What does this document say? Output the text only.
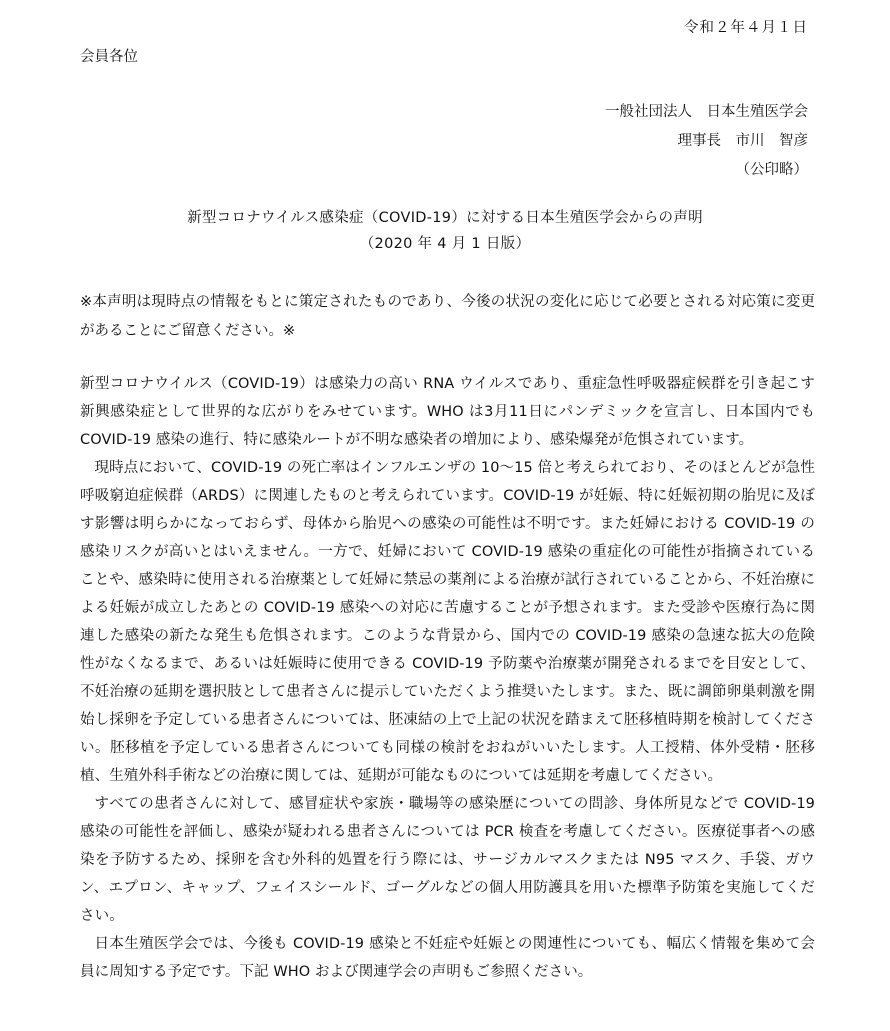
令和２年４月１日
会員各位
一般社団法人　日本生殖医学会
理事長　市川　智彦
（公印略）
新型コロナウイルス感染症（COVID-19）に対する日本生殖医学会からの声明
（2020 年 4 月 1 日版）
※本声明は現時点の情報をもとに策定されたものであり、今後の状況の変化に応じて必要とされる対応策に変更があることにご留意ください。※

新型コロナウイルス（COVID-19）は感染力の高い RNA ウイルスであり、重症急性呼吸器症候群を引き起こす新興感染症として世界的な広がりをみせています。WHO は3月11日にパンデミックを宣言し、日本国内でも COVID-19 感染の進行、特に感染ルートが不明な感染者の増加により、感染爆発が危惧されています。

現時点において、COVID-19 の死亡率はインフルエンザの 10～15 倍と考えられており、そのほとんどが急性呼吸窮迫症候群（ARDS）に関連したものと考えられています。COVID-19 が妊娠、特に妊娠初期の胎児に及ぼす影響は明らかになっておらず、母体から胎児への感染の可能性は不明です。また妊婦における COVID-19 の感染リスクが高いとはいえません。一方で、妊婦において COVID-19 感染の重症化の可能性が指摘されていることや、感染時に使用される治療薬として妊婦に禁忌の薬剤による治療が試行されていることから、不妊治療による妊娠が成立したあとの COVID-19 感染への対応に苦慮することが予想されます。また受診や医療行為に関連した感染の新たな発生も危惧されます。このような背景から、国内での COVID-19 感染の急速な拡大の危険性がなくなるまで、あるいは妊娠時に使用できる COVID-19 予防薬や治療薬が開発されるまでを目安として、不妊治療の延期を選択肢として患者さんに提示していただくよう推奨いたします。また、既に調節卵巣刺激を開始し採卵を予定している患者さんについては、胚凍結の上で上記の状況を踏まえて胚移植時期を検討してください。胚移植を予定している患者さんについても同様の検討をおねがいいたします。人工授精、体外受精・胚移植、生殖外科手術などの治療に関しては、延期が可能なものについては延期を考慮してください。

すべての患者さんに対して、感冒症状や家族・職場等の感染歴についての問診、身体所見などで COVID-19 感染の可能性を評価し、感染が疑われる患者さんについては PCR 検査を考慮してください。医療従事者への感染を予防するため、採卵を含む外科的処置を行う際には、サージカルマスクまたは N95 マスク、手袋、ガウン、エプロン、キャップ、フェイスシールド、ゴーグルなどの個人用防護具を用いた標準予防策を実施してください。

日本生殖医学会では、今後も COVID-19 感染と不妊症や妊娠との関連性についても、幅広く情報を集めて会員に周知する予定です。下記 WHO および関連学会の声明もご参照ください。
